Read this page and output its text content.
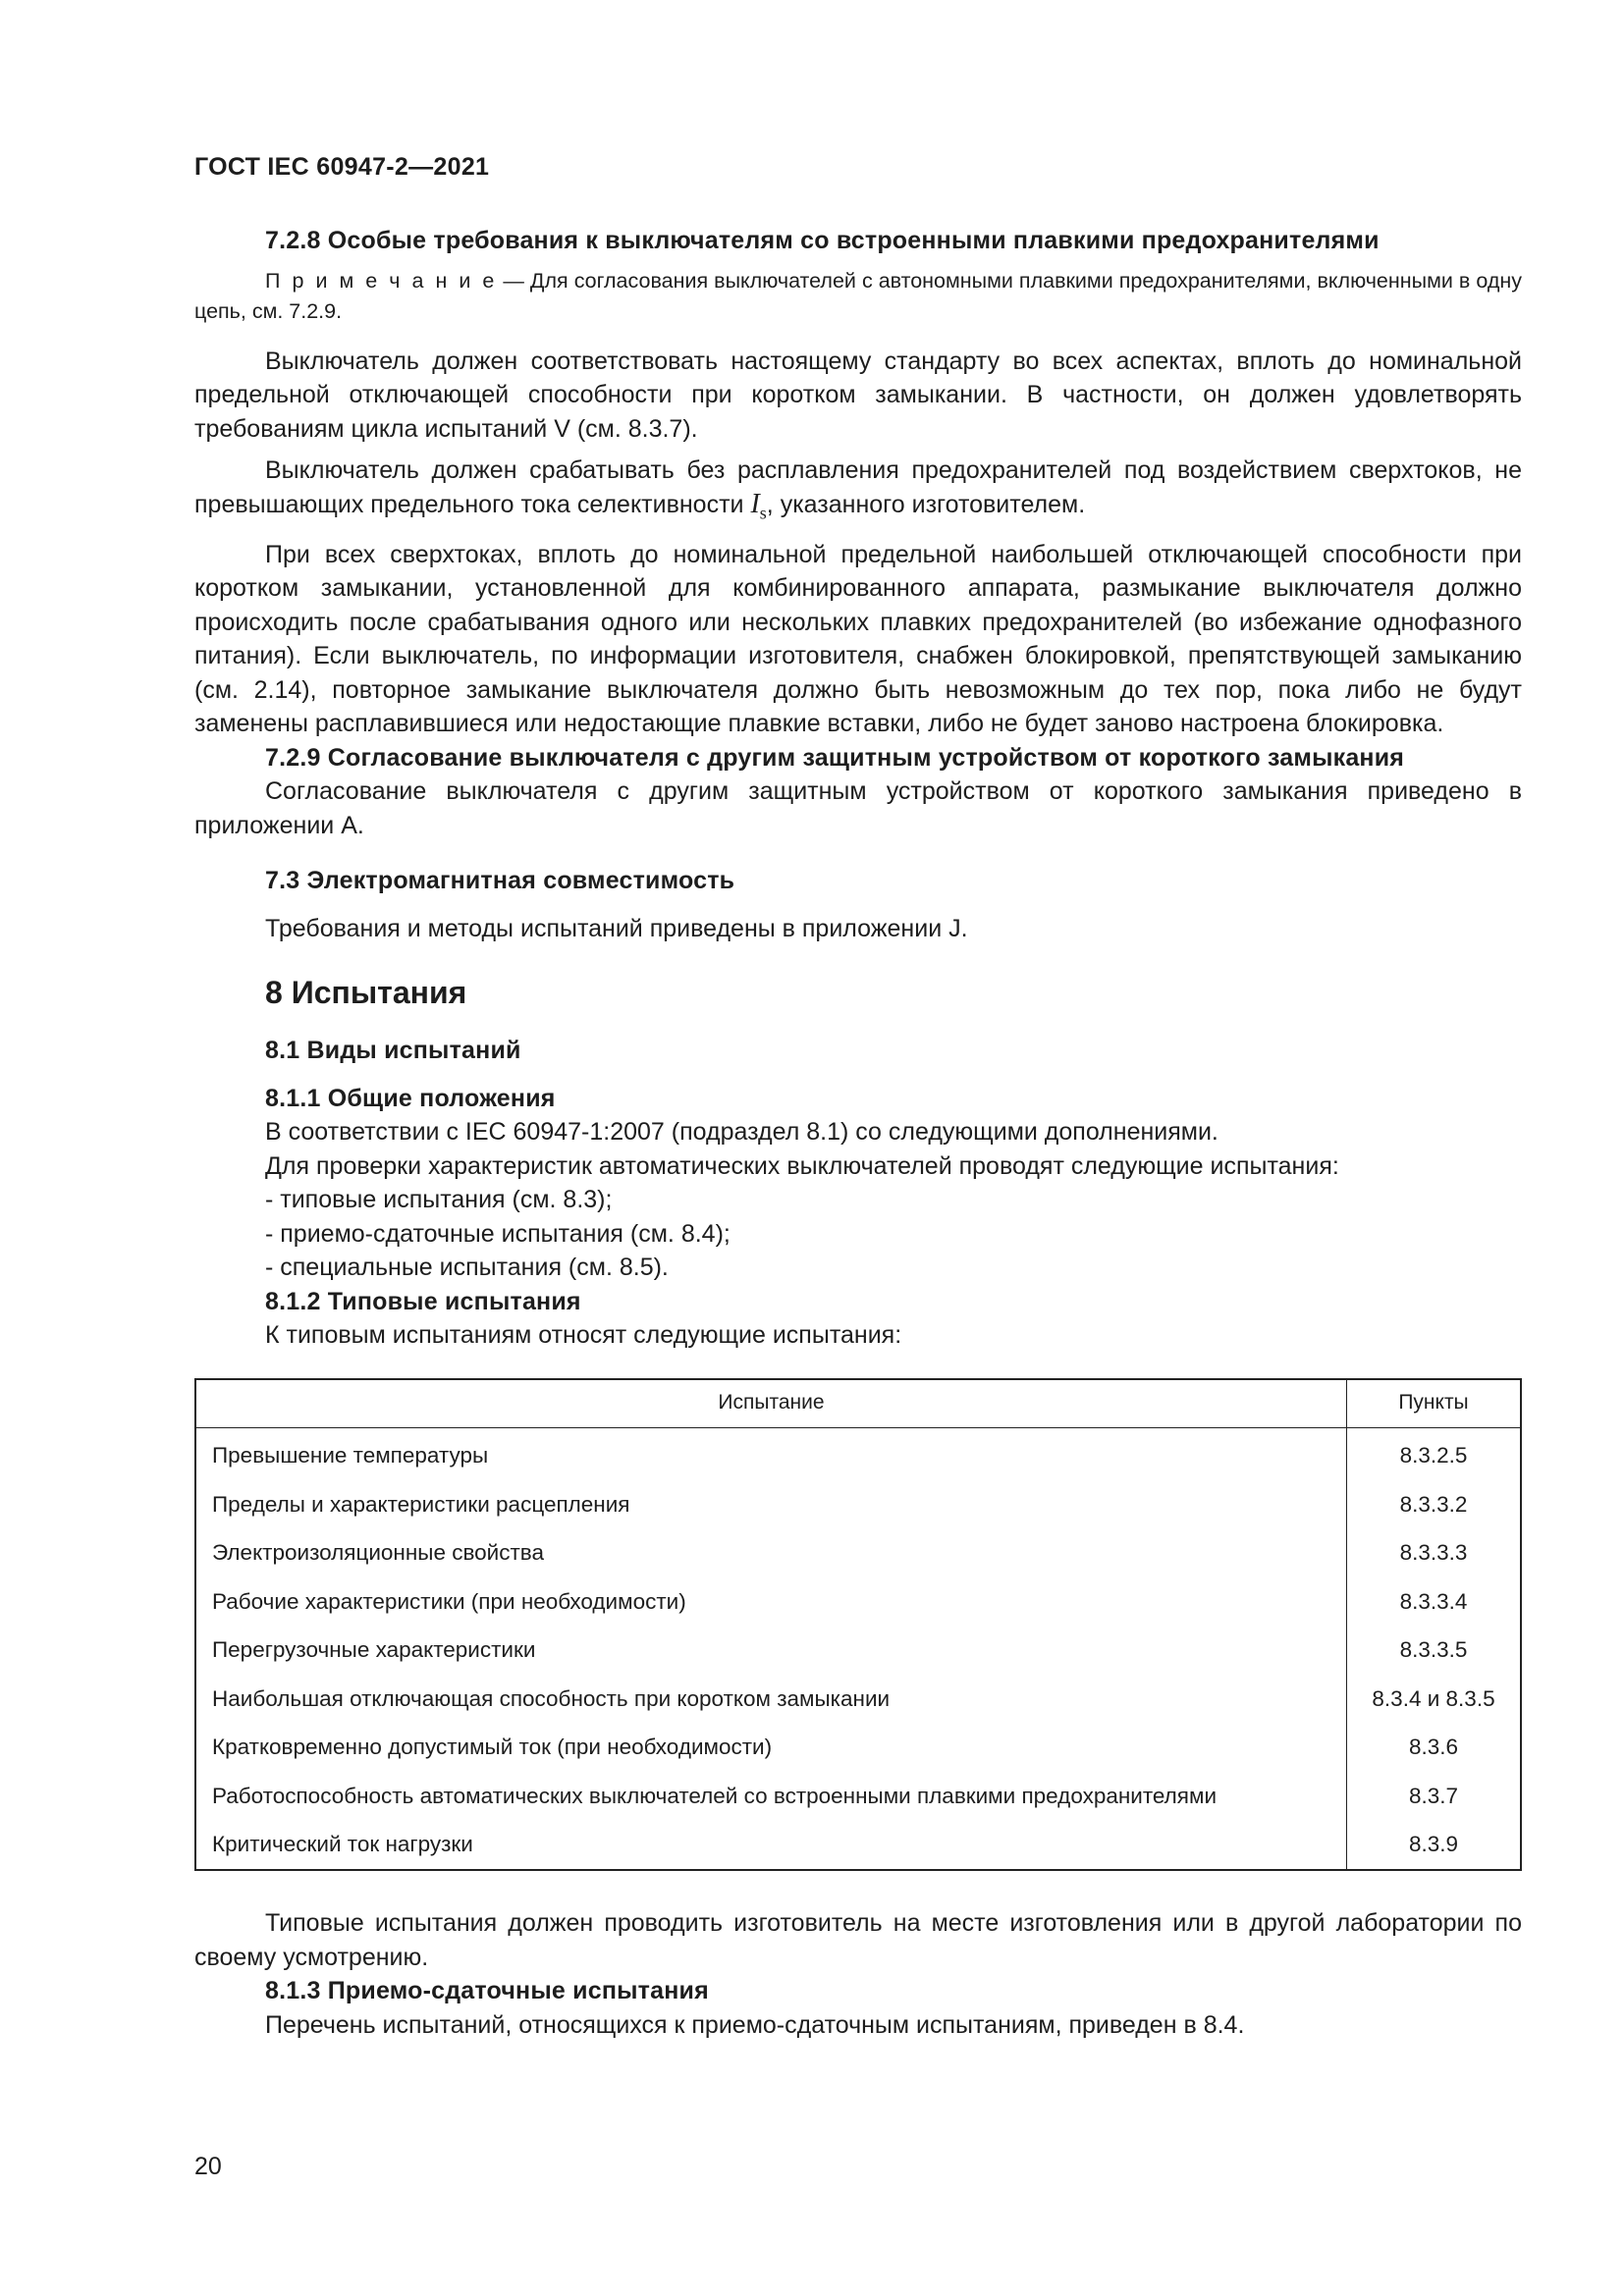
ГОСТ IEC 60947-2—2021

7.2.8 Особые требования к выключателям со встроенными плавкими предохранителями

П р и м е ч а н и е — Для согласования выключателей с автономными плавкими предохранителями, включенными в одну цепь, см. 7.2.9.

Выключатель должен соответствовать настоящему стандарту во всех аспектах, вплоть до номинальной предельной отключающей способности при коротком замыкании. В частности, он должен удовлетворять требованиям цикла испытаний V (см. 8.3.7).

Выключатель должен срабатывать без расплавления предохранителей под воздействием сверхтоков, не превышающих предельного тока селективности $I_s$, указанного изготовителем.

При всех сверхтоках, вплоть до номинальной предельной наибольшей отключающей способности при коротком замыкании, установленной для комбинированного аппарата, размыкание выключателя должно происходить после срабатывания одного или нескольких плавких предохранителей (во избежание однофазного питания). Если выключатель, по информации изготовителя, снабжен блокировкой, препятствующей замыканию (см. 2.14), повторное замыкание выключателя должно быть невозможным до тех пор, пока либо не будут заменены расплавившиеся или недостающие плавкие вставки, либо не будет заново настроена блокировка.

7.2.9 Согласование выключателя с другим защитным устройством от короткого замыкания

Согласование выключателя с другим защитным устройством от короткого замыкания приведено в приложении А.

7.3 Электромагнитная совместимость

Требования и методы испытаний приведены в приложении J.

8 Испытания

8.1 Виды испытаний

8.1.1 Общие положения

В соответствии с IEC 60947-1:2007 (подраздел 8.1) со следующими дополнениями.

Для проверки характеристик автоматических выключателей проводят следующие испытания:

- типовые испытания (см. 8.3);

- приемо-сдаточные испытания (см. 8.4);

- специальные испытания (см. 8.5).

8.1.2 Типовые испытания

К типовым испытаниям относят следующие испытания:

Испытание	Пункты
Превышение температуры	8.3.2.5
Пределы и характеристики расцепления	8.3.3.2
Электроизоляционные свойства	8.3.3.3
Рабочие характеристики (при необходимости)	8.3.3.4
Перегрузочные характеристики	8.3.3.5
Наибольшая отключающая способность при коротком замыкании	8.3.4 и 8.3.5
Кратковременно допустимый ток (при необходимости)	8.3.6
Работоспособность автоматических выключателей со встроенными плавкими предохранителями	8.3.7
Критический ток нагрузки	8.3.9

Типовые испытания должен проводить изготовитель на месте изготовления или в другой лаборатории по своему усмотрению.

8.1.3 Приемо-сдаточные испытания

Перечень испытаний, относящихся к приемо-сдаточным испытаниям, приведен в 8.4.

20
